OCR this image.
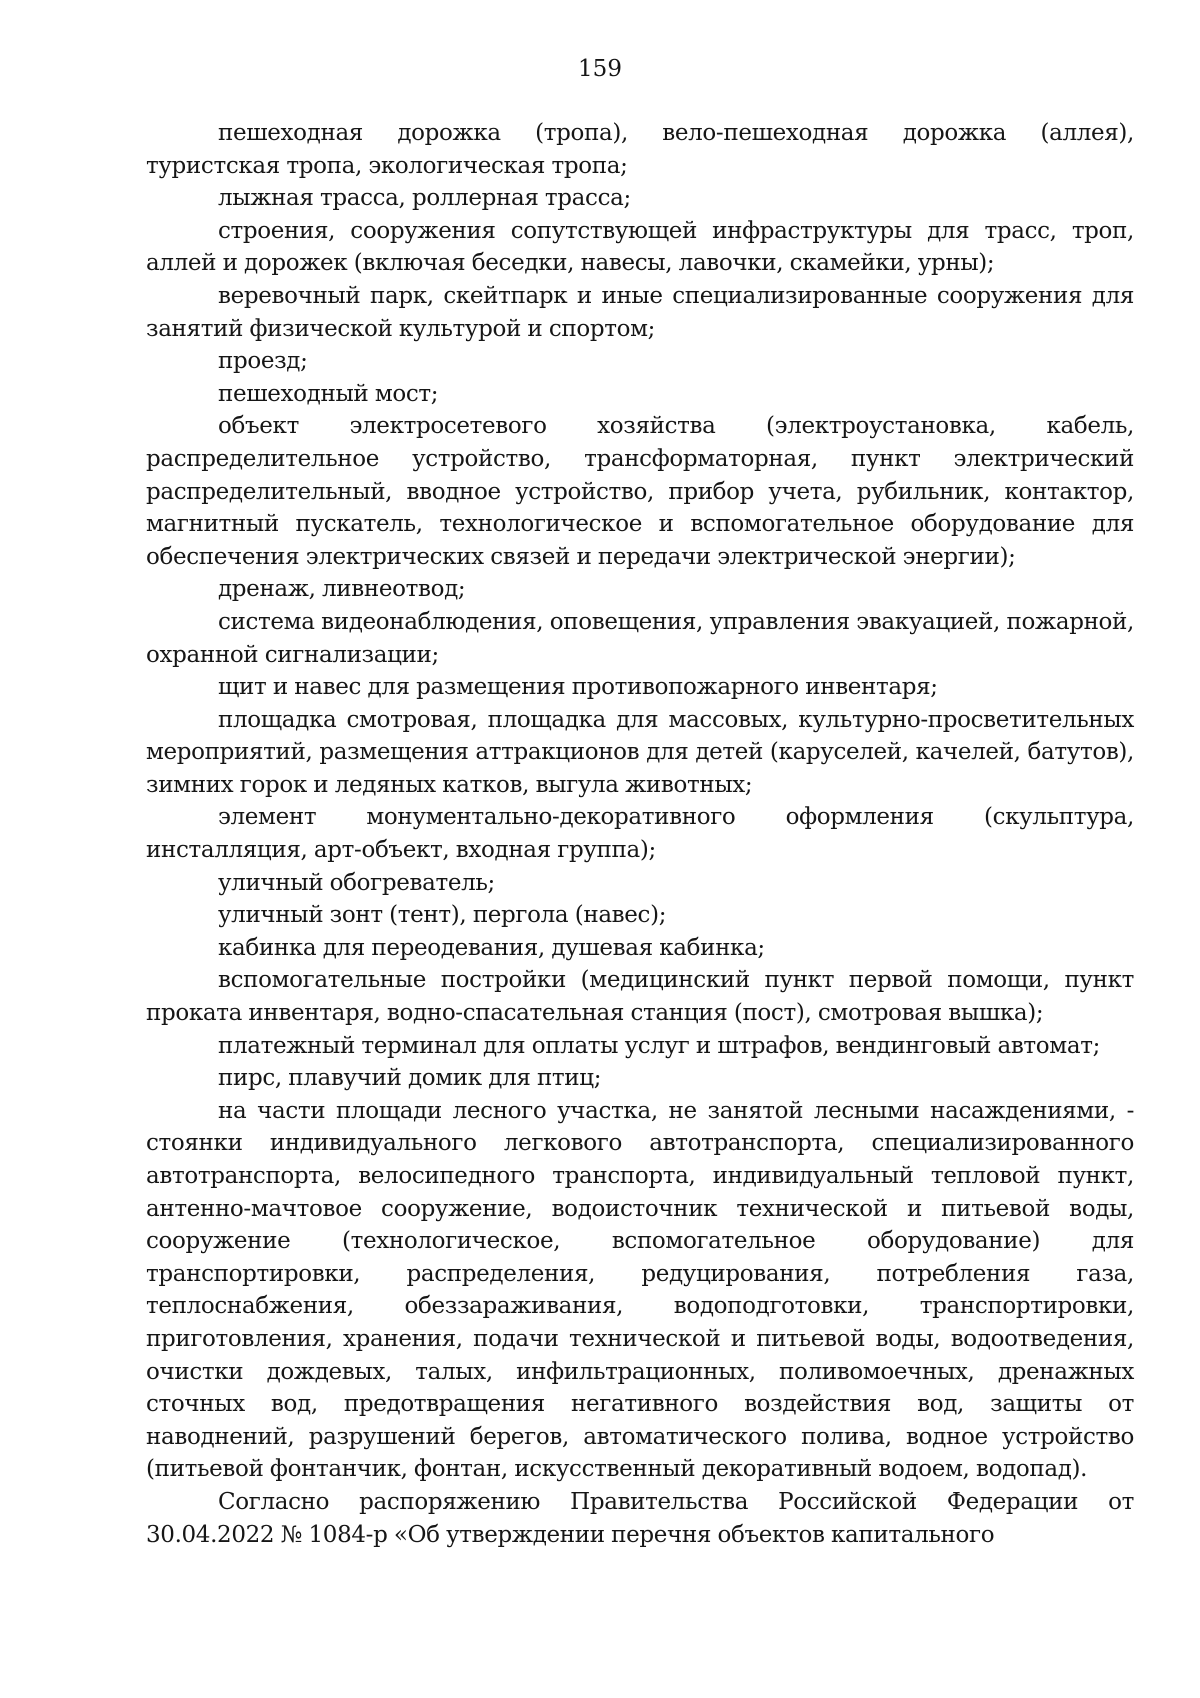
159

пешеходная дорожка (тропа), вело-пешеходная дорожка (аллея), туристская тропа, экологическая тропа;

лыжная трасса, роллерная трасса;

строения, сооружения сопутствующей инфраструктуры для трасс, троп, аллей и дорожек (включая беседки, навесы, лавочки, скамейки, урны);

веревочный парк, скейтпарк и иные специализированные сооружения для занятий физической культурой и спортом;

проезд;

пешеходный мост;

объект электросетевого хозяйства (электроустановка, кабель, распределительное устройство, трансформаторная, пункт электрический распределительный, вводное устройство, прибор учета, рубильник, контактор, магнитный пускатель, технологическое и вспомогательное оборудование для обеспечения электрических связей и передачи электрической энергии);

дренаж, ливнеотвод;

система видеонаблюдения, оповещения, управления эвакуацией, пожарной, охранной сигнализации;

щит и навес для размещения противопожарного инвентаря;

площадка смотровая, площадка для массовых, культурно-просветительных мероприятий, размещения аттракционов для детей (каруселей, качелей, батутов), зимних горок и ледяных катков, выгула животных;

элемент монументально-декоративного оформления (скульптура, инсталляция, арт-объект, входная группа);

уличный обогреватель;

уличный зонт (тент), пергола (навес);

кабинка для переодевания, душевая кабинка;

вспомогательные постройки (медицинский пункт первой помощи, пункт проката инвентаря, водно-спасательная станция (пост), смотровая вышка);

платежный терминал для оплаты услуг и штрафов, вендинговый автомат;

пирс, плавучий домик для птиц;

на части площади лесного участка, не занятой лесными насаждениями, - стоянки индивидуального легкового автотранспорта, специализированного автотранспорта, велосипедного транспорта, индивидуальный тепловой пункт, антенно-мачтовое сооружение, водоисточник технической и питьевой воды, сооружение (технологическое, вспомогательное оборудование) для транспортировки, распределения, редуцирования, потребления газа, теплоснабжения, обеззараживания, водоподготовки, транспортировки, приготовления, хранения, подачи технической и питьевой воды, водоотведения, очистки дождевых, талых, инфильтрационных, поливомоечных, дренажных сточных вод, предотвращения негативного воздействия вод, защиты от наводнений, разрушений берегов, автоматического полива, водное устройство (питьевой фонтанчик, фонтан, искусственный декоративный водоем, водопад).

Согласно распоряжению Правительства Российской Федерации от 30.04.2022 № 1084-р «Об утверждении перечня объектов капитального
